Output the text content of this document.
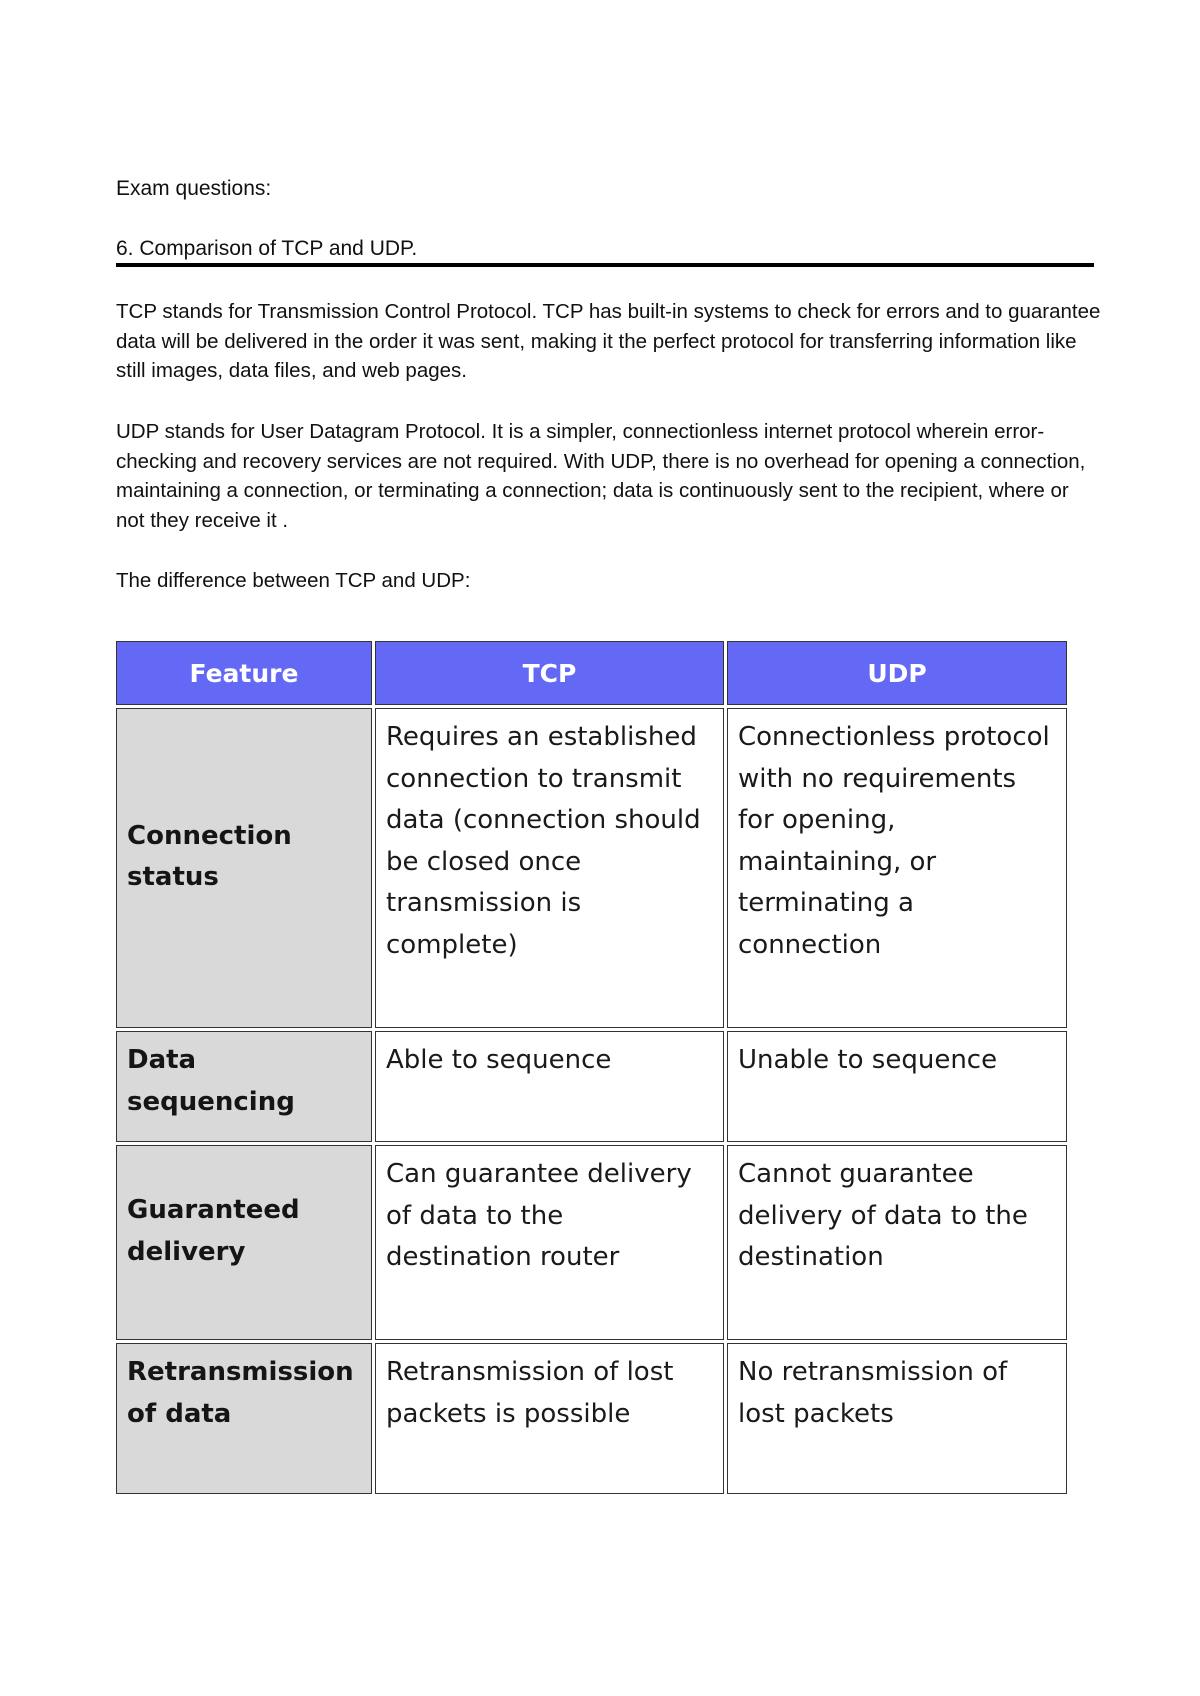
Exam questions:
6. Comparison of TCP and UDP.

TCP stands for Transmission Control Protocol. TCP has built-in systems to check for errors and to guarantee data will be delivered in the order it was sent, making it the perfect protocol for transferring information like still images, data files, and web pages.

UDP stands for User Datagram Protocol. It is a simpler, connectionless internet protocol wherein error-checking and recovery services are not required. With UDP, there is no overhead for opening a connection, maintaining a connection, or terminating a connection; data is continuously sent to the recipient, where or not they receive it .

The difference between TCP and UDP:

Feature	TCP	UDP
Connection status	Requires an established connection to transmit data (connection should be closed once transmission is complete)	Connectionless protocol with no requirements for opening, maintaining, or terminating a connection
Data sequencing	Able to sequence	Unable to sequence
Guaranteed delivery	Can guarantee delivery of data to the destination router	Cannot guarantee delivery of data to the destination
Retransmission of data	Retransmission of lost packets is possible	No retransmission of lost packets
